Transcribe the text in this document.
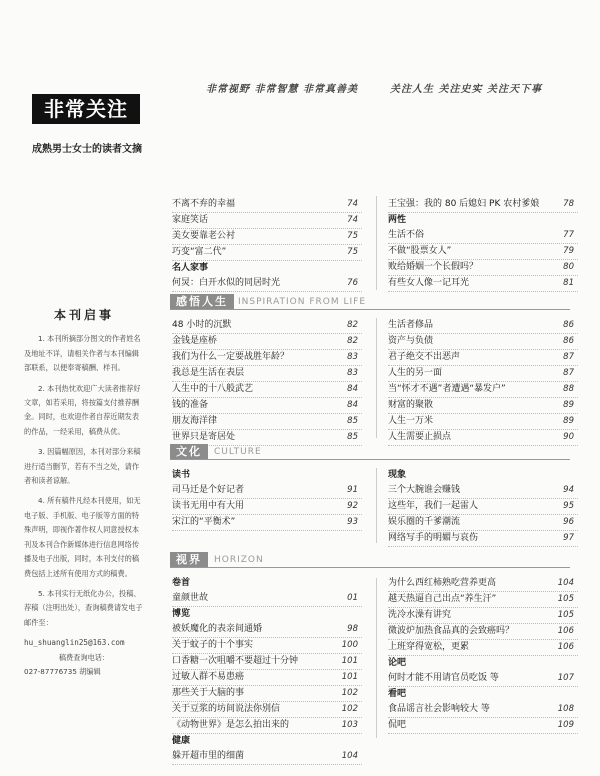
非常视野 非常智慧 非常真善美	关注人生 关注史实 关注天下事
非常关注
成熟男士女士的读者文摘
本刊启事

1. 本刊所摘部分图文的作者姓名及地址不详，请相关作者与本刊编辑部联系，以便奉寄稿酬、样刊。

2. 本刊热忱欢迎广大读者推荐好文章，如若采用，将按篇支付推荐酬金。同时，也欢迎作者自荐近期发表的作品，一经采用，稿费从优。

3. 因篇幅原因，本刊对部分来稿进行适当删节，若有不当之处，请作者和读者谅解。

4. 所有稿件凡经本刊使用，如无电子版、手机版、电子版等方面的特殊声明，即视作著作权人同意授权本刊及本刊合作新媒体进行信息网络传播及电子出版，同时，本刊支付的稿费包括上述所有使用方式的稿费。

5. 本刊实行无纸化办公，投稿、荐稿（注明出处），查询稿费请发电子邮件至：

hu_shuanglin25@163.com

稿费查询电话：

027-87776735 胡编辑

不离不弃的幸福	74
家庭笑话	74
美女要靠老公衬	75
巧变“富二代”	75
名人家事
何炅：白开水似的同居时光	76
王宝强：我的 80 后媳妇 PK 农村爹娘	78
两性
生活不俗	77
不做“股票女人”	79
败给婚姻一个长假吗？	80
有些女人像一记耳光	81
感悟人生	INSPIRATION FROM LIFE
48 小时的沉默	82
金钱是座桥	82
我们为什么一定要战胜年龄？	83
我总是生活在表层	83
人生中的十八般武艺	84
钱的准备	84
朋友海洋律	85
世界只是寄居处	85
生活者修品	86
资产与负债	86
君子绝交不出恶声	87
人生的另一面	87
当“怀才不遇”者遭遇“暴发户”	88
财富的聚散	89
人生一万米	89
人生需要止损点	90
文化	CULTURE
读书
司马迁是个好记者	91
读书无用中有大用	92
宋江的“平衡术”	93
现象
三个大腕谁会赚钱	94
这些年，我们一起雷人	95
娱乐圈的千爹潮流	96
网络写手的明媚与哀伤	97
视界	HORIZON
卷首
童颜世故	01
博览
被妖魔化的表亲间通婚	98
关于蚊子的十个事实	100
口香糖一次咀嚼不要超过十分钟	101
过敏人群不易患癌	101
那些关于大脑的事	102
关于豆浆的坊间说法你别信	102
《动物世界》是怎么拍出来的	103
健康
躲开超市里的细菌	104
为什么西红柿熟吃营养更高	104
越天热逼自己出点“养生汗”	105
洗冷水澡有讲究	105
微波炉加热食品真的会致癌吗？	106
上班穿得宽松，更累	106
论吧
何时才能不用请官员吃饭 等	107
看吧
食品谣言社会影响较大 等	108
侃吧	109
